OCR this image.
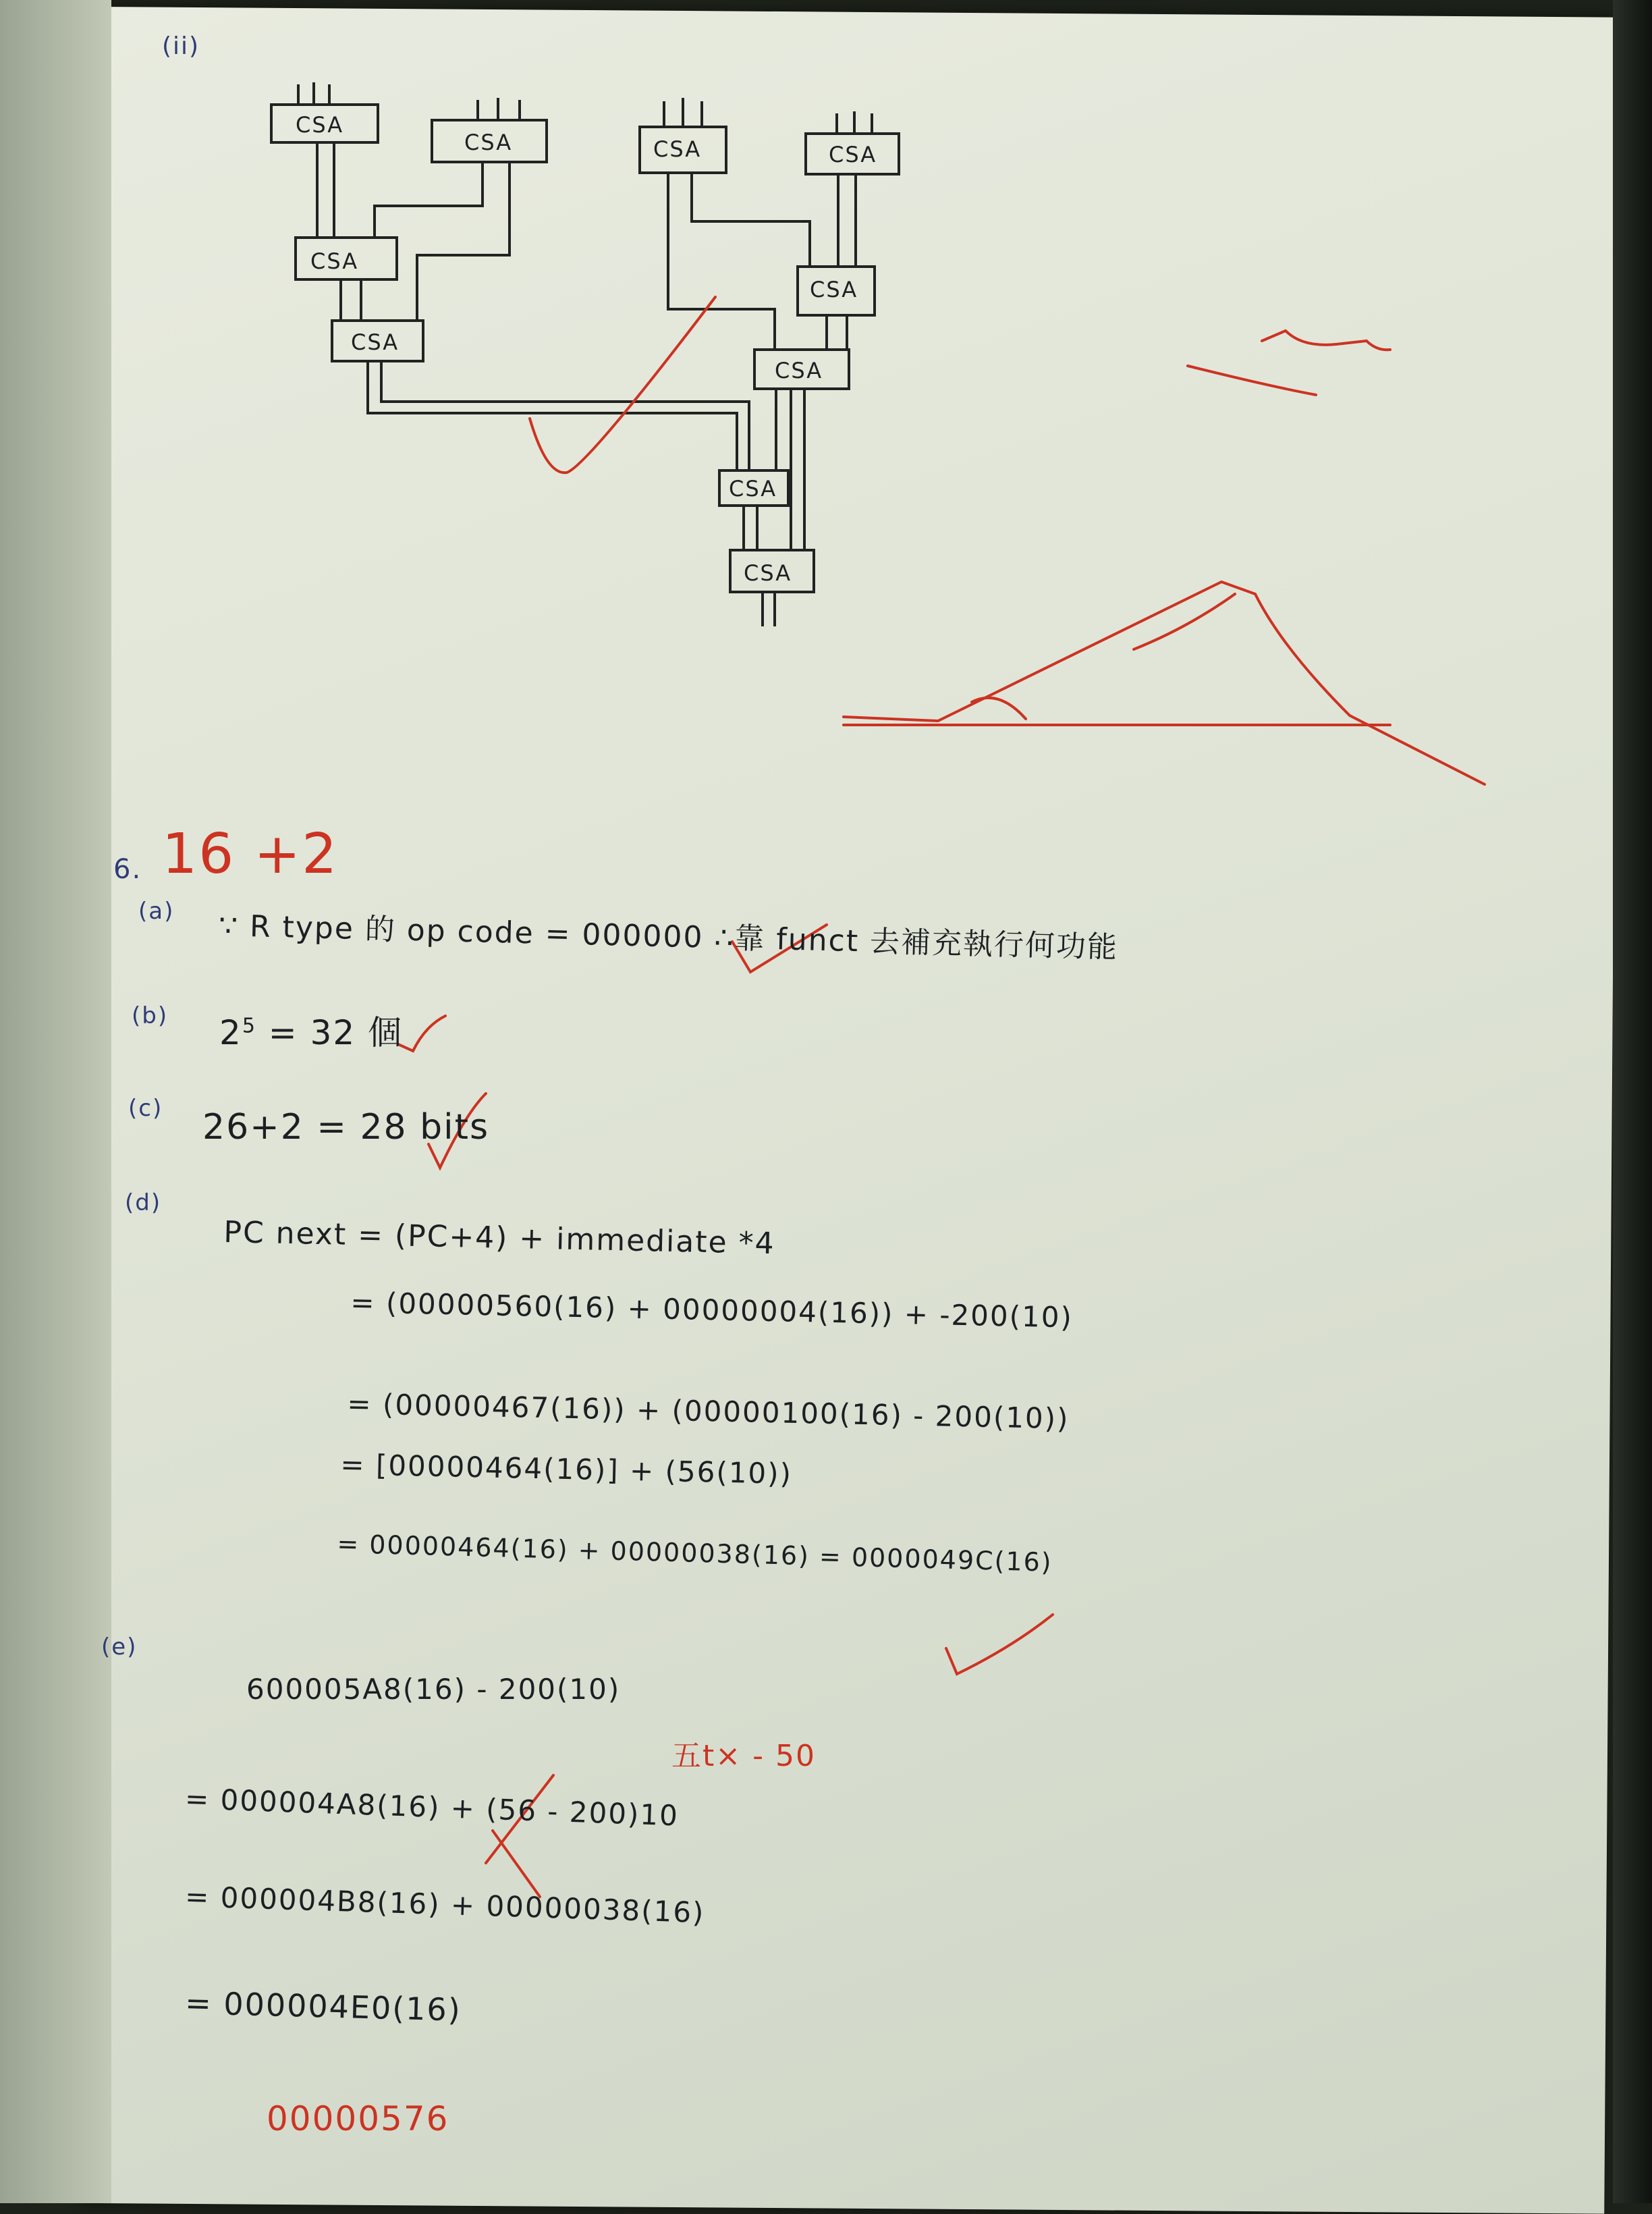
CSA
CSA	CSA	CSA
CSA
CSA
CSA
CSA
CSA
CSA
(ii)
6. 16 +2
(a) ∵ R type 的 op code = 000000 ∴靠 funct 去補充執行何功能
(b) $2^5 = 32$ 個
(c) 26+2 = 28 bits
(d)
PC next = (PC+4) + immediate *4
= (00000560(16) + 00000004(16)) + -200(10)
= (00000467(16)) + (00000100(16) - 200(10))
= [00000464(16)] + (56(10))
= 00000464(16) + 00000038(16) = 0000049C(16)
(e)
600005A8(16) - 200(10)
五t× - 50
= 000004A8(16) + (56 - 200)10
= 000004B8(16) + 00000038(16)
= 000004E0(16)
00000576
